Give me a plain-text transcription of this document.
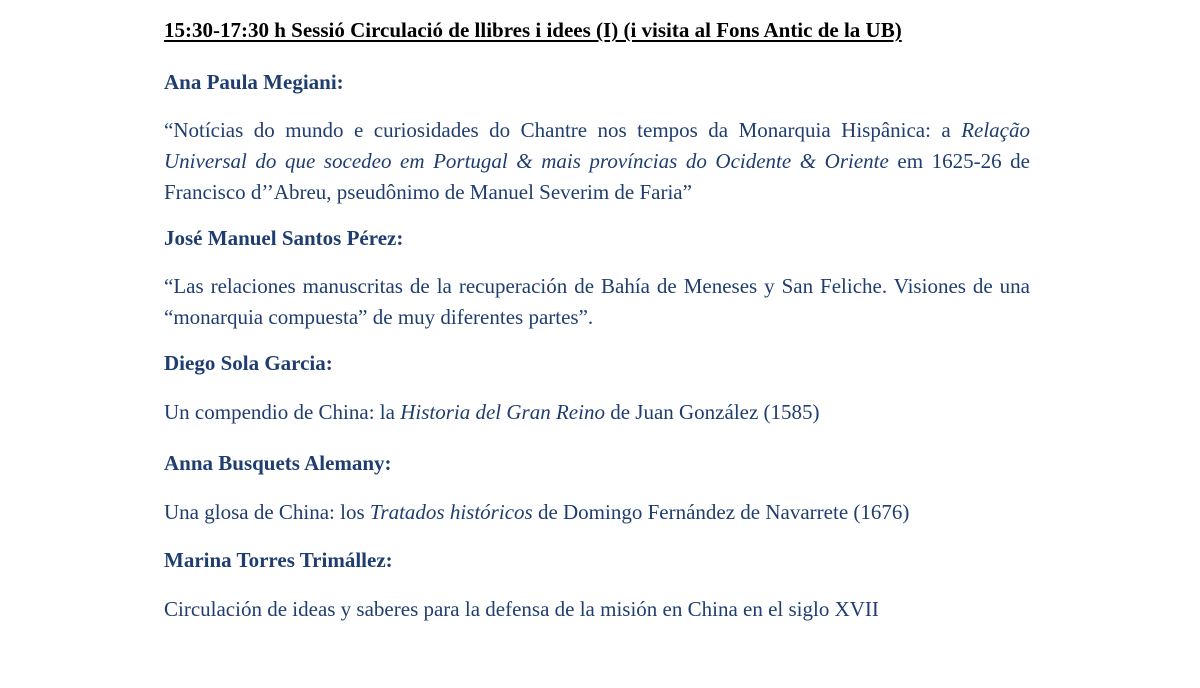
15:30-17:30 h Sessió Circulació de llibres i idees (I) (i visita al Fons Antic de la UB)
Ana Paula Megiani:

“Notícias do mundo e curiosidades do Chantre nos tempos da Monarquia Hispânica: a Relação Universal do que socedeo em Portugal & mais províncias do Ocidente & Oriente em 1625-26 de Francisco d’’Abreu, pseudônimo de Manuel Severim de Faria”

José Manuel Santos Pérez:

“Las relaciones manuscritas de la recuperación de Bahía de Meneses y San Feliche. Visiones de una “monarquia compuesta” de muy diferentes partes”.

Diego Sola Garcia:

Un compendio de China: la Historia del Gran Reino de Juan González (1585)

Anna Busquets Alemany:

Una glosa de China: los Tratados históricos de Domingo Fernández de Navarrete (1676)

Marina Torres Trimállez:

Circulación de ideas y saberes para la defensa de la misión en China en el siglo XVII
